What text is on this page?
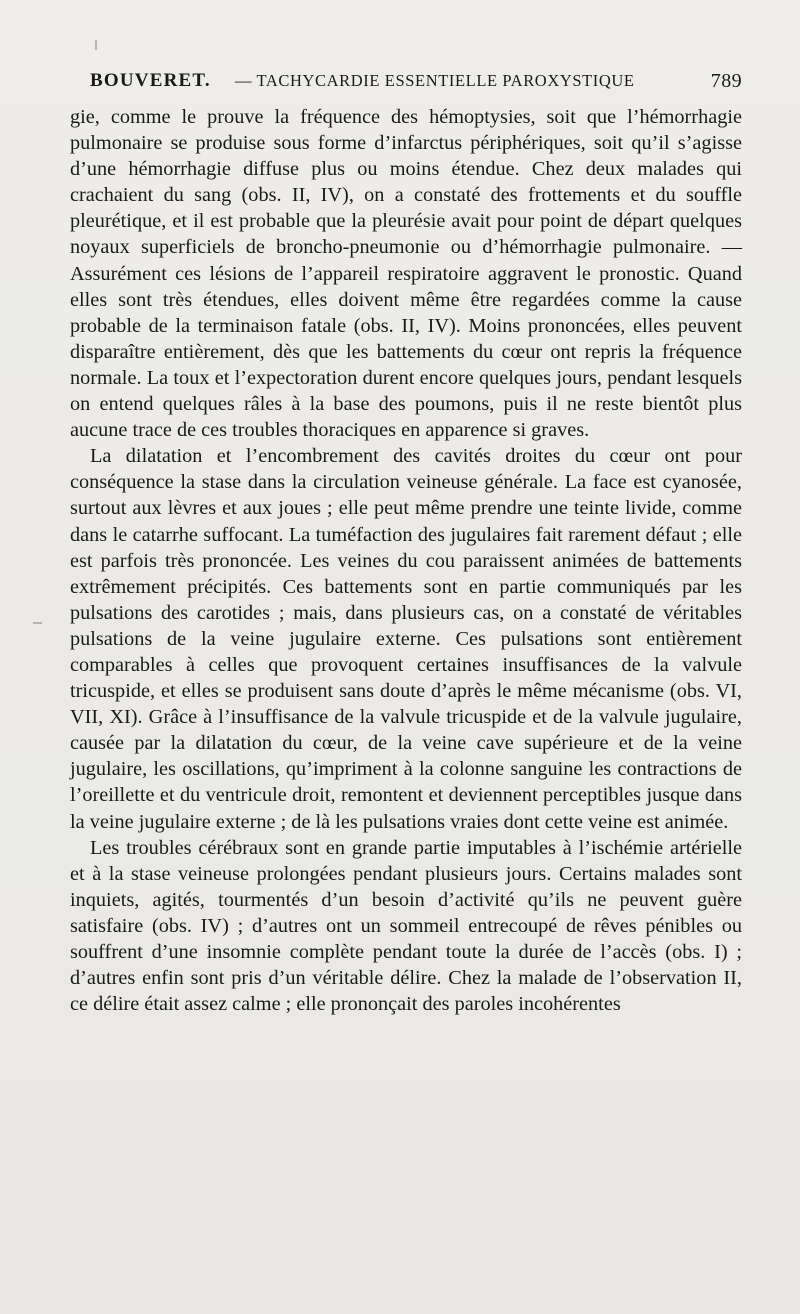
BOUVERET. — TACHYCARDIE ESSENTIELLE PAROXYSTIQUE	789

gie, comme le prouve la fréquence des hémoptysies, soit que l’hémorrhagie pulmonaire se produise sous forme d’infarctus périphériques, soit qu’il s’agisse d’une hémorrhagie diffuse plus ou moins étendue. Chez deux malades qui crachaient du sang (obs. II, IV), on a constaté des frottements et du souffle pleurétique, et il est probable que la pleurésie avait pour point de départ quelques noyaux superficiels de broncho-pneumonie ou d’hémorrhagie pulmonaire. — Assurément ces lésions de l’appareil respiratoire aggravent le pronostic. Quand elles sont très étendues, elles doivent même être regardées comme la cause probable de la terminaison fatale (obs. II, IV). Moins prononcées, elles peuvent disparaître entièrement, dès que les battements du cœur ont repris la fréquence normale. La toux et l’expectoration durent encore quelques jours, pendant lesquels on entend quelques râles à la base des poumons, puis il ne reste bientôt plus aucune trace de ces troubles thoraciques en apparence si graves.

La dilatation et l’encombrement des cavités droites du cœur ont pour conséquence la stase dans la circulation veineuse générale. La face est cyanosée, surtout aux lèvres et aux joues ; elle peut même prendre une teinte livide, comme dans le catarrhe suffocant. La tuméfaction des jugulaires fait rarement défaut ; elle est parfois très prononcée. Les veines du cou paraissent animées de battements extrêmement précipités. Ces battements sont en partie communiqués par les pulsations des carotides ; mais, dans plusieurs cas, on a constaté de véritables pulsations de la veine jugulaire externe. Ces pulsations sont entièrement comparables à celles que provoquent certaines insuffisances de la valvule tricuspide, et elles se produisent sans doute d’après le même mécanisme (obs. VI, VII, XI). Grâce à l’insuffisance de la valvule tricuspide et de la valvule jugulaire, causée par la dilatation du cœur, de la veine cave supérieure et de la veine jugulaire, les oscillations, qu’impriment à la colonne sanguine les contractions de l’oreillette et du ventricule droit, remontent et deviennent perceptibles jusque dans la veine jugulaire externe ; de là les pulsations vraies dont cette veine est animée.

Les troubles cérébraux sont en grande partie imputables à l’ischémie artérielle et à la stase veineuse prolongées pendant plusieurs jours. Certains malades sont inquiets, agités, tourmentés d’un besoin d’activité qu’ils ne peuvent guère satisfaire (obs. IV) ; d’autres ont un sommeil entrecoupé de rêves pénibles ou souffrent d’une insomnie complète pendant toute la durée de l’accès (obs. I) ; d’autres enfin sont pris d’un véritable délire. Chez la malade de l’observation II, ce délire était assez calme ; elle prononçait des paroles incohérentes
